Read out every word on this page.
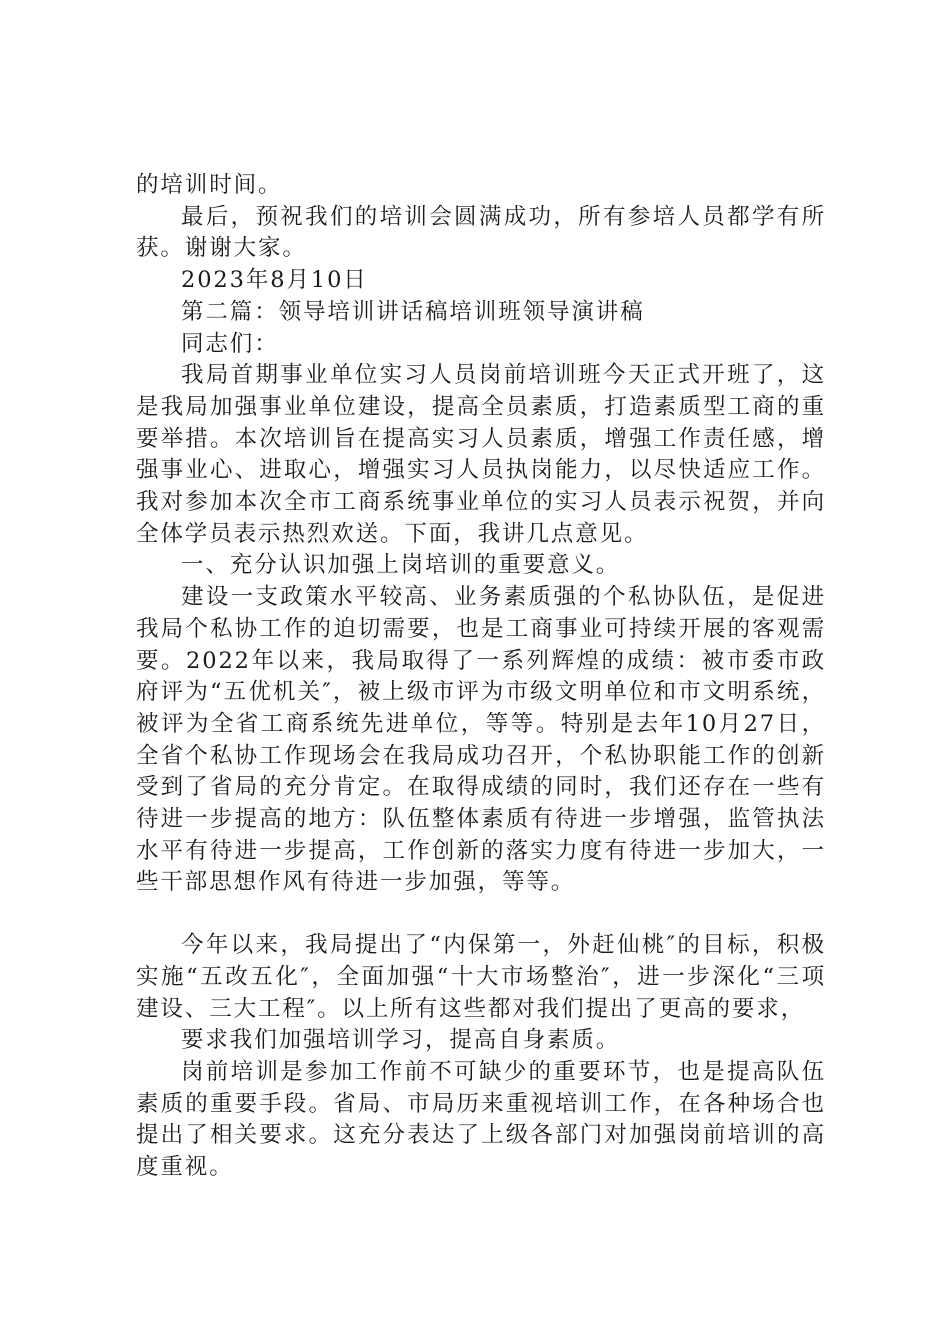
的培训时间。

最后，预祝我们的培训会圆满成功，所有参培人员都学有所获。谢谢大家。

2023年8月10日

第二篇：领导培训讲话稿培训班领导演讲稿

同志们：

我局首期事业单位实习人员岗前培训班今天正式开班了，这是我局加强事业单位建设，提高全员素质，打造素质型工商的重要举措。本次培训旨在提高实习人员素质，增强工作责任感，增强事业心、进取心，增强实习人员执岗能力，以尽快适应工作。我对参加本次全市工商系统事业单位的实习人员表示祝贺，并向全体学员表示热烈欢送。下面，我讲几点意见。

一、充分认识加强上岗培训的重要意义。

建设一支政策水平较高、业务素质强的个私协队伍，是促进我局个私协工作的迫切需要，也是工商事业可持续开展的客观需要。2022年以来，我局取得了一系列辉煌的成绩：被市委市政府评为“五优机关″，被上级市评为市级文明单位和市文明系统，被评为全省工商系统先进单位，等等。特别是去年10月27日，全省个私协工作现场会在我局成功召开，个私协职能工作的创新受到了省局的充分肯定。在取得成绩的同时，我们还存在一些有待进一步提高的地方：队伍整体素质有待进一步增强，监管执法水平有待进一步提高，工作创新的落实力度有待进一步加大，一些干部思想作风有待进一步加强，等等。

今年以来，我局提出了“内保第一，外赶仙桃″的目标，积极实施“五改五化″，全面加强“十大市场整治″，进一步深化“三项建设、三大工程″。以上所有这些都对我们提出了更高的要求，

要求我们加强培训学习，提高自身素质。

岗前培训是参加工作前不可缺少的重要环节，也是提高队伍素质的重要手段。省局、市局历来重视培训工作，在各种场合也提出了相关要求。这充分表达了上级各部门对加强岗前培训的高度重视。
